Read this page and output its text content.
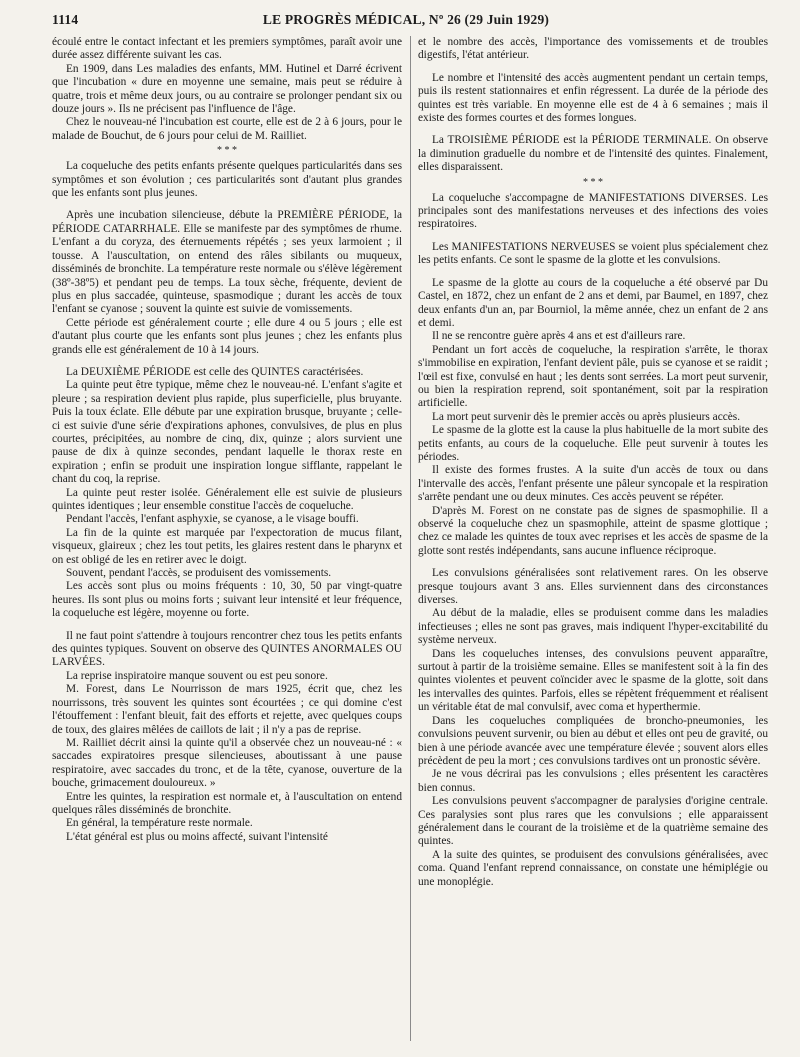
1114	LE PROGRÈS MÉDICAL, Nº 26 (29 Juin 1929)

écoulé entre le contact infectant et les premiers symptômes, paraît avoir une durée assez différente suivant les cas.

En 1909, dans Les maladies des enfants, MM. Hutinel et Darré écrivent que l'incubation « dure en moyenne une semaine, mais peut se réduire à quatre, trois et même deux jours, ou au contraire se prolonger pendant six ou douze jours ». Ils ne précisent pas l'influence de l'âge.

Chez le nouveau-né l'incubation est courte, elle est de 2 à 6 jours, pour le malade de Bouchut, de 6 jours pour celui de M. Railliet.

* * *

La coqueluche des petits enfants présente quelques particularités dans ses symptômes et son évolution ; ces particularités sont d'autant plus grandes que les enfants sont plus jeunes.

Après une incubation silencieuse, débute la PREMIÈRE PÉRIODE, la PÉRIODE CATARRHALE. Elle se manifeste par des symptômes de rhume. L'enfant a du coryza, des éternuements répétés ; ses yeux larmoient ; il tousse. A l'auscultation, on entend des râles sibilants ou muqueux, disséminés de bronchite. La température reste normale ou s'élève légèrement (38º-38º5) et pendant peu de temps. La toux sèche, fréquente, devient de plus en plus saccadée, quinteuse, spasmodique ; durant les accès de toux l'enfant se cyanose ; souvent la quinte est suivie de vomissements.

Cette période est généralement courte ; elle dure 4 ou 5 jours ; elle est d'autant plus courte que les enfants sont plus jeunes ; chez les enfants plus grands elle est généralement de 10 à 14 jours.

La DEUXIÈME PÉRIODE est celle des QUINTES caractérisées.

La quinte peut être typique, même chez le nouveau-né. L'enfant s'agite et pleure ; sa respiration devient plus rapide, plus superficielle, plus bruyante. Puis la toux éclate. Elle débute par une expiration brusque, bruyante ; celle-ci est suivie d'une série d'expirations aphones, convulsives, de plus en plus courtes, précipitées, au nombre de cinq, dix, quinze ; alors survient une pause de dix à quinze secondes, pendant laquelle le thorax reste en expiration ; enfin se produit une inspiration longue sifflante, rappelant le chant du coq, la reprise.

La quinte peut rester isolée. Généralement elle est suivie de plusieurs quintes identiques ; leur ensemble constitue l'accès de coqueluche.

Pendant l'accès, l'enfant asphyxie, se cyanose, a le visage bouffi.

La fin de la quinte est marquée par l'expectoration de mucus filant, visqueux, glaireux ; chez les tout petits, les glaires restent dans le pharynx et on est obligé de les en retirer avec le doigt.

Souvent, pendant l'accès, se produisent des vomissements.

Les accès sont plus ou moins fréquents : 10, 30, 50 par vingt-quatre heures. Ils sont plus ou moins forts ; suivant leur intensité et leur fréquence, la coqueluche est légère, moyenne ou forte.

Il ne faut point s'attendre à toujours rencontrer chez tous les petits enfants des quintes typiques. Souvent on observe des QUINTES ANORMALES OU LARVÉES.

La reprise inspiratoire manque souvent ou est peu sonore.

M. Forest, dans Le Nourrisson de mars 1925, écrit que, chez les nourrissons, très souvent les quintes sont écourtées ; ce qui domine c'est l'étouffement : l'enfant bleuit, fait des efforts et rejette, avec quelques coups de toux, des glaires mêlées de caillots de lait ; il n'y a pas de reprise.

M. Railliet décrit ainsi la quinte qu'il a observée chez un nouveau-né : « saccades expiratoires presque silencieuses, aboutissant à une pause respiratoire, avec saccades du tronc, et de la tête, cyanose, ouverture de la bouche, grimacement douloureux. »

Entre les quintes, la respiration est normale et, à l'auscultation on entend quelques râles disséminés de bronchite.

En général, la température reste normale.

L'état général est plus ou moins affecté, suivant l'intensité

et le nombre des accès, l'importance des vomissements et de troubles digestifs, l'état antérieur.

Le nombre et l'intensité des accès augmentent pendant un certain temps, puis ils restent stationnaires et enfin régressent. La durée de la période des quintes est très variable. En moyenne elle est de 4 à 6 semaines ; mais il existe des formes courtes et des formes longues.

La TROISIÈME PÉRIODE est la PÉRIODE TERMINALE. On observe la diminution graduelle du nombre et de l'intensité des quintes. Finalement, elles disparaissent.

* * *

La coqueluche s'accompagne de MANIFESTATIONS DIVERSES. Les principales sont des manifestations nerveuses et des infections des voies respiratoires.

Les MANIFESTATIONS NERVEUSES se voient plus spécialement chez les petits enfants. Ce sont le spasme de la glotte et les convulsions.

Le spasme de la glotte au cours de la coqueluche a été observé par Du Castel, en 1872, chez un enfant de 2 ans et demi, par Baumel, en 1897, chez deux enfants d'un an, par Bourniol, la même année, chez un enfant de 2 ans et demi.

Il ne se rencontre guère après 4 ans et est d'ailleurs rare.

Pendant un fort accès de coqueluche, la respiration s'arrête, le thorax s'immobilise en expiration, l'enfant devient pâle, puis se cyanose et se raidit ; l'œil est fixe, convulsé en haut ; les dents sont serrées. La mort peut survenir, ou bien la respiration reprend, soit spontanément, soit par la respiration artificielle.

La mort peut survenir dès le premier accès ou après plusieurs accès.

Le spasme de la glotte est la cause la plus habituelle de la mort subite des petits enfants, au cours de la coqueluche. Elle peut survenir à toutes les périodes.

Il existe des formes frustes. A la suite d'un accès de toux ou dans l'intervalle des accès, l'enfant présente une pâleur syncopale et la respiration s'arrête pendant une ou deux minutes. Ces accès peuvent se répéter.

D'après M. Forest on ne constate pas de signes de spasmophilie. Il a observé la coqueluche chez un spasmophile, atteint de spasme glottique ; chez ce malade les quintes de toux avec reprises et les accès de spasme de la glotte sont restés indépendants, sans aucune influence réciproque.

Les convulsions généralisées sont relativement rares. On les observe presque toujours avant 3 ans. Elles surviennent dans des circonstances diverses.

Au début de la maladie, elles se produisent comme dans les maladies infectieuses ; elles ne sont pas graves, mais indiquent l'hyper-excitabilité du système nerveux.

Dans les coqueluches intenses, des convulsions peuvent apparaître, surtout à partir de la troisième semaine. Elles se manifestent soit à la fin des quintes violentes et peuvent coïncider avec le spasme de la glotte, soit dans les intervalles des quintes. Parfois, elles se répètent fréquemment et réalisent un véritable état de mal convulsif, avec coma et hyperthermie.

Dans les coqueluches compliquées de broncho-pneumonies, les convulsions peuvent survenir, ou bien au début et elles ont peu de gravité, ou bien à une période avancée avec une température élevée ; souvent alors elles précèdent de peu la mort ; ces convulsions tardives ont un pronostic sévère.

Je ne vous décrirai pas les convulsions ; elles présentent les caractères bien connus.

Les convulsions peuvent s'accompagner de paralysies d'origine centrale. Ces paralysies sont plus rares que les convulsions ; elle apparaissent généralement dans le courant de la troisième et de la quatrième semaine des quintes.

A la suite des quintes, se produisent des convulsions généralisées, avec coma. Quand l'enfant reprend connaissance, on constate une hémiplégie ou une monoplégie.
